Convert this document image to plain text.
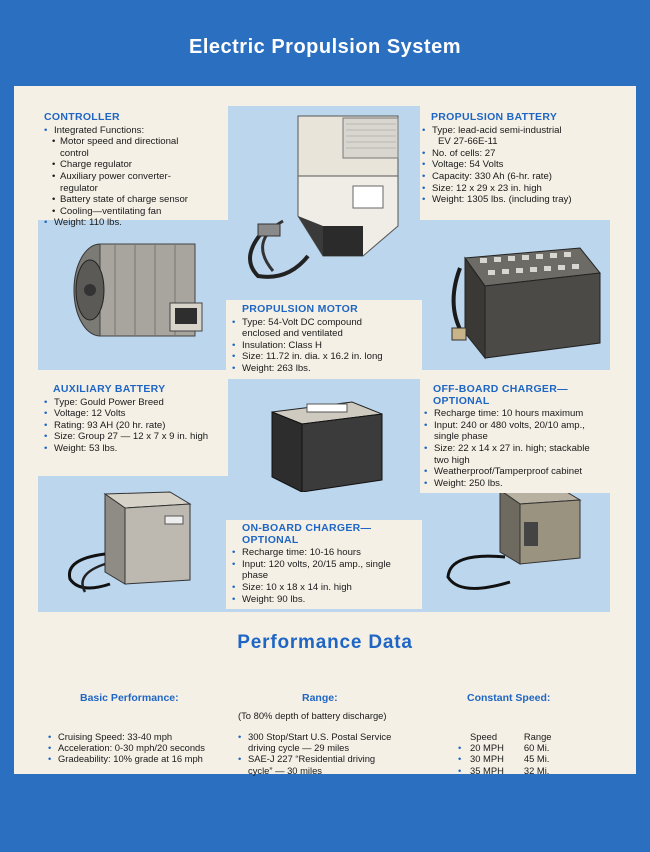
Electric Propulsion System
CONTROLLER
• Integrated Functions:
• Motor speed and directional
control
• Charge regulator
• Auxiliary power converter-
regulator
• Battery state of charge sensor
• Cooling—ventilating fan
• Weight: 110 lbs.
PROPULSION BATTERY
• Type: lead-acid semi-industrial
EV 27-66E-11
• No. of cells: 27
• Voltage: 54 Volts
• Capacity: 330 Ah (6-hr. rate)
• Size: 12 x 29 x 23 in. high
• Weight: 1305 lbs. (including tray)
PROPULSION MOTOR
• Type: 54-Volt DC compound
enclosed and ventilated
• Insulation: Class H
• Size: 11.72 in. dia. x 16.2 in. long
• Weight: 263 lbs.
AUXILIARY BATTERY
• Type: Gould Power Breed
• Voltage: 12 Volts
• Rating: 93 AH (20 hr. rate)
• Size: Group 27 — 12 x 7 x 9 in. high
• Weight: 53 lbs.
OFF-BOARD CHARGER—OPTIONAL
• Recharge time: 10 hours maximum
• Input: 240 or 480 volts, 20/10 amp.,
single phase
• Size: 22 x 14 x 27 in. high; stackable
two high
• Weatherproof/Tamperproof cabinet
• Weight: 250 lbs.
ON-BOARD CHARGER—OPTIONAL
• Recharge time: 10-16 hours
• Input: 120 volts, 20/15 amp., single
phase
• Size: 10 x 18 x 14 in. high
• Weight: 90 lbs.
Performance Data
Basic Performance:
• Cruising Speed: 33-40 mph
• Acceleration: 0-30 mph/20 seconds
• Gradeability: 10% grade at 16 mph
Range:
(To 80% depth of battery discharge)
• 300 Stop/Start U.S. Postal Service
driving cycle — 29 miles
• SAE-J 227 “Residential driving
cycle” — 30 miles
Constant Speed:
	Speed	Range
•	20 MPH	60 Mi.
•	30 MPH	45 Mi.
•	35 MPH	32 Mi.
